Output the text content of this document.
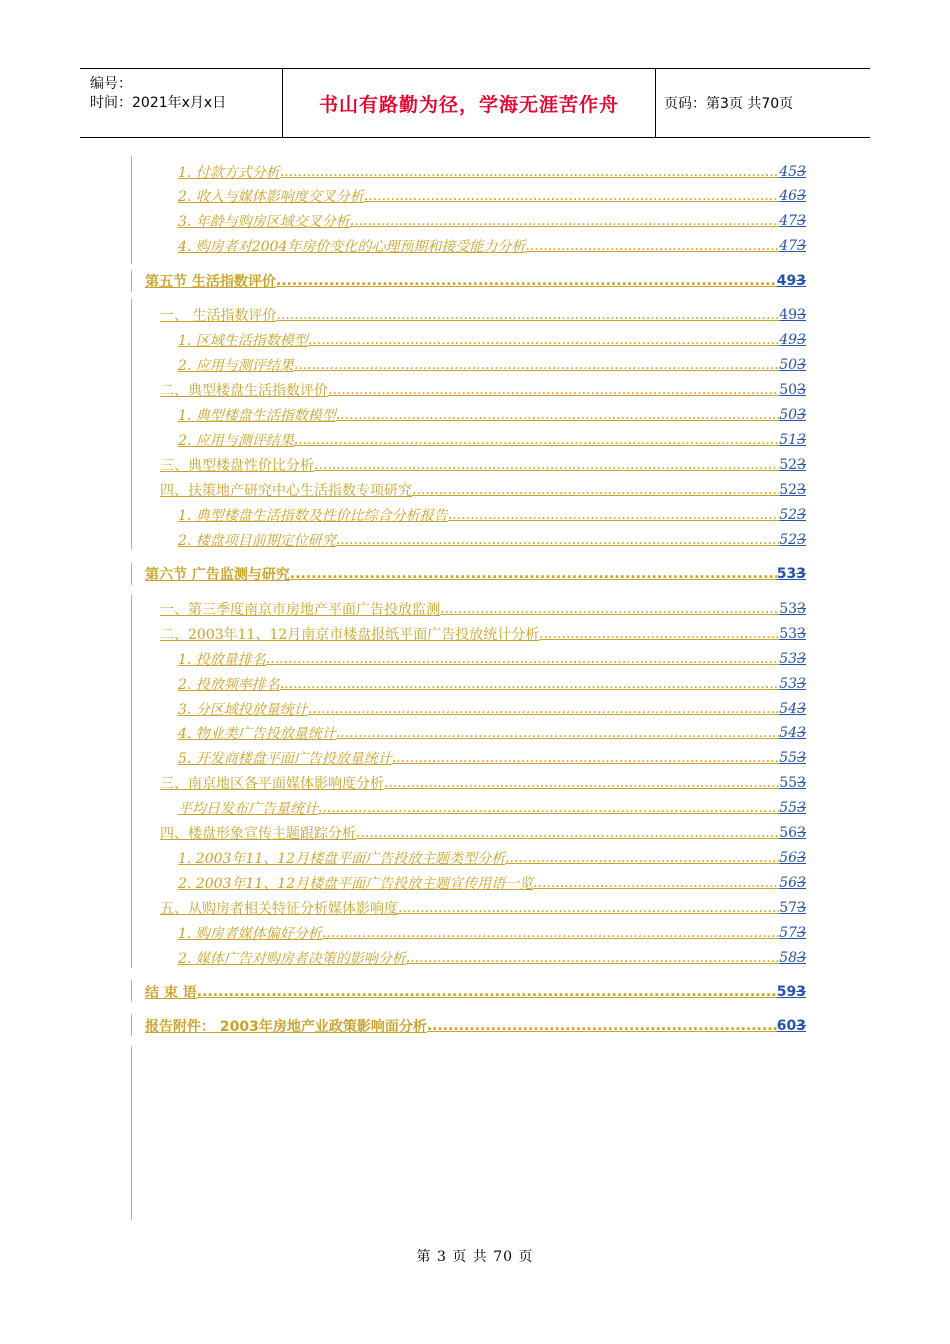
编号：
时间：2021年x月x日	书山有路勤为径，学海无涯苦作舟	页码：第3页 共70页
1. 付款方式分析 .....	453
2. 收入与媒体影响度交叉分析 .....	463
3. 年龄与购房区域交叉分析 .....	473
4. 购房者对2004年房价变化的心理预期和接受能力分析 .....	473
第五节 生活指数评价 .....	493
一、 生活指数评价 .....	493
1. 区域生活指数模型 .....	493
2. 应用与测评结果 .....	503
二、典型楼盘生活指数评价 .....	503
1. 典型楼盘生活指数模型 .....	503
2. 应用与测评结果 .....	513
三、典型楼盘性价比分析 .....	523
四、扶策地产研究中心生活指数专项研究 .....	523
1. 典型楼盘生活指数及性价比综合分析报告 .....	523
2. 楼盘项目前期定位研究 .....	523
第六节 广告监测与研究 .....	533
一、第三季度南京市房地产平面广告投放监测 .....	533
二、2003年11、12月南京市楼盘报纸平面广告投放统计分析 .....	533
1. 投放量排名 .....	533
2. 投放频率排名 .....	533
3. 分区域投放量统计 .....	543
4. 物业类广告投放量统计 .....	543
5. 开发商楼盘平面广告投放量统计 .....	553
三、南京地区各平面媒体影响度分析 .....	553
平均日发布广告量统计 .....	553
四、楼盘形象宣传主题跟踪分析 .....	563
1. 2003年11、12月楼盘平面广告投放主题类型分析 .....	563
2. 2003年11、12月楼盘平面广告投放主题宣传用语一览 .....	563
五、从购房者相关特征分析媒体影响度 .....	573
1. 购房者媒体偏好分析 .....	573
2. 媒体广告对购房者决策的影响分析 .....	583
结 束 语 .....	593
报告附件： 2003年房地产业政策影响面分析 .....	603
第 3 页 共 70 页
